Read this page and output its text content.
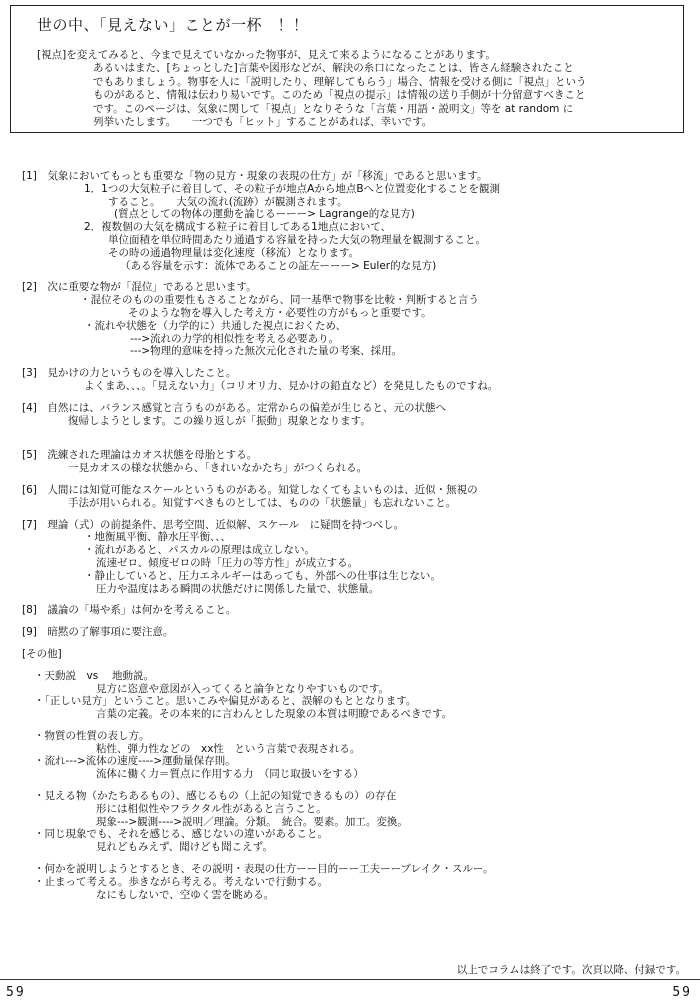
世の中、「見えない」ことが一杯　！！
[視点]を変えてみると、今まで見えていなかった物事が、見えて来るようになることがあります。
あるいはまた、[ちょっとした]言葉や図形などが、解決の糸口になったことは、皆さん経験されたこと
でもありましょう。物事を人に「説明したり、理解してもらう」場合、情報を受ける側に「視点」という
ものがあると、情報は伝わり易いです。このため「視点の提示」は情報の送り手側が十分留意すべきこと
です。このページは、気象に関して「視点」となりそうな「言葉・用語・説明文」等を at random に
列挙いたします。　　一つでも「ヒット」することがあれば、幸いです。
[1]　気象においてもっとも重要な「物の見方・現象の表現の仕方」が「移流」であると思います。
1．1つの大気粒子に着目して、その粒子が地点Aから地点Bへと位置変化することを観測
すること。　　大気の流れ(流跡）が観測されます。
(質点としての物体の運動を論じるーーー> Lagrange的な見方)
2．複数個の大気を構成する粒子に着目してある1地点において、
単位面積を単位時間あたり通過する容量を持った大気の物理量を観測すること。
その時の通過物理量は変化速度（移流）となります。
（ある容量を示す：流体であることの証左ーーー> Euler的な見方)
[2]　次に重要な物が「混位」であると思います。
・混位そのものの重要性もさることながら、同一基準で物事を比較・判断すると言う
そのような物を導入した考え方・必要性の方がもっと重要です。
・流れや状態を（力学的に）共通した視点におくため、
--->流れの力学的相似性を考える必要あり。
--->物理的意味を持った無次元化された量の考案、採用。
[3]　見かけの力というものを導入したこと。
よくまあ、、、。「見えない力」（コリオリ力、見かけの鉛直など）を発見したものですね。
[4]　自然には、バランス感覚と言うものがある。定常からの偏差が生じると、元の状態へ
復帰しようとします。この繰り返しが「振動」現象となります。
[5]　洗練された理論はカオス状態を母胎とする。
一見カオスの様な状態から、「きれいなかたち」がつくられる。
[6]　人間には知覚可能なスケールというものがある。知覚しなくてもよいものは、近似・無視の
手法が用いられる。知覚すべきものとしては、ものの「状態量」も忘れないこと。
[7]　理論（式）の前提条件、思考空間、近似解、スケール　に疑問を持つべし。
・地衡風平衡、静水圧平衡、、、
・流れがあると、パスカルの原理は成立しない。
流速ゼロ、傾度ゼロの時「圧力の等方性」が成立する。
・静止していると、圧力エネルギーはあっても、外部への仕事は生じない。
圧力や温度はある瞬間の状態だけに関係した量で、状態量。
[8]　議論の「場や系」は何かを考えること。
[9]　暗黙の了解事項に要注意。
[その他]
・天動説　vs　 地動説。
見方に恣意や意図が入ってくると論争となりやすいものです。
・「正しい見方」ということ。思いこみや偏見があると、誤解のもととなります。
言葉の定義。その本来的に言わんとした現象の本質は明瞭であるべきです。
・物質の性質の表し方。
粘性、弾力性などの　xx性　という言葉で表現される。
・流れ--->流体の速度---->運動量保存則。
流体に働く力＝質点に作用する力　（同じ取扱いをする）
・見える物（かたちあるもの）、感じるもの（上記の知覚できるもの）の存在
形には相似性やフラクタル性があると言うこと。
現象--->観測---->説明／理論。分類。　統合。要素。加工。変換。
・同じ現象でも、それを感じる、感じないの違いがあること。
見れどもみえず、聞けども聞こえず。
・何かを説明しようとするとき、その説明・表現の仕方ーー目的ーー工夫ーーブレイク・スルー。
・止まって考える。歩きながら考える。考えないで行動する。
なにもしないで、空ゆく雲を眺める。
以上でコラムは終了です。次頁以降、付録です。
59	59
